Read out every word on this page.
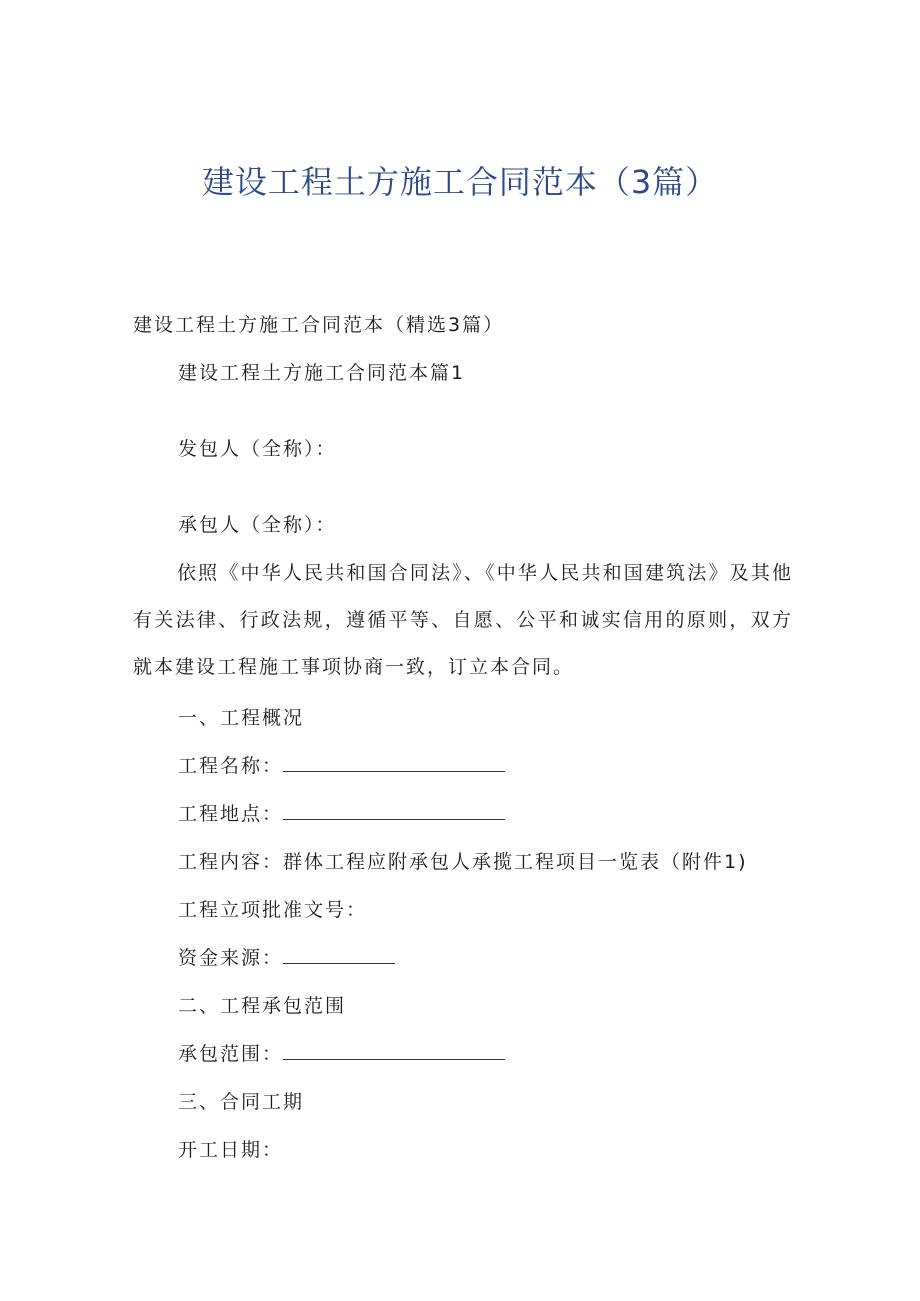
建设工程土方施工合同范本（3篇）

建设工程土方施工合同范本（精选3篇）

建设工程土方施工合同范本篇1

发包人（全称）：

承包人（全称）：

依照《中华人民共和国合同法》、《中华人民共和国建筑法》及其他有关法律、行政法规，遵循平等、自愿、公平和诚实信用的原则，双方就本建设工程施工事项协商一致，订立本合同。

一、工程概况

工程名称：
工程地点：

工程内容：群体工程应附承包人承揽工程项目一览表（附件1)

工程立项批准文号：

资金来源：

二、工程承包范围

承包范围：

三、合同工期

开工日期：
